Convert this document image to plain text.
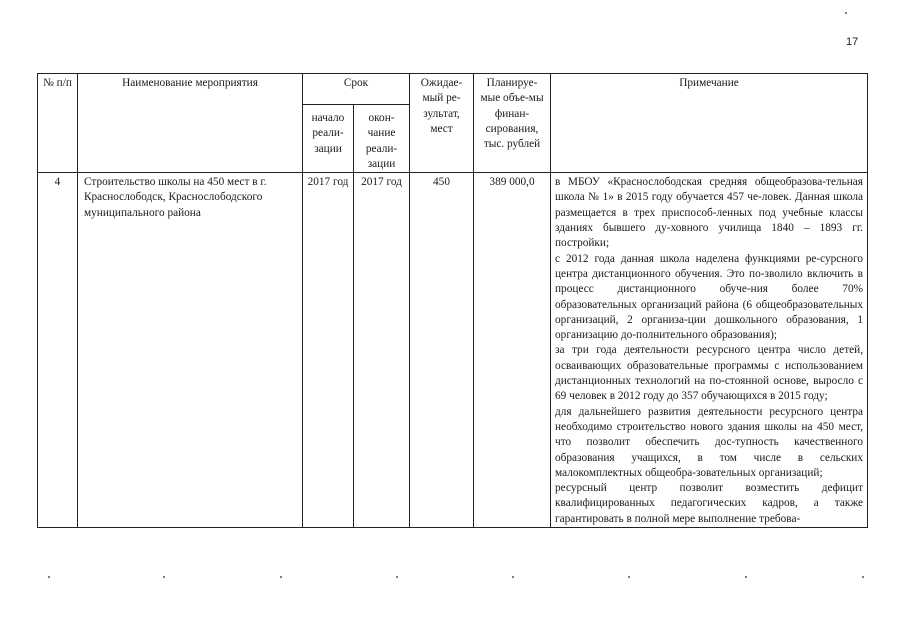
17
№ п/п	Наименование мероприятия	Срок		Ожидае-мый ре-зультат, мест	Планируе-мые объе-мы финан-сирования, тыс. рублей	Примечание
		начало реали-зации	окон-чание реали-зации			
4	Строительство школы на 450 мест в г. Краснослободск, Краснослободского муниципального района	2017 год	2017 год	450	389 000,0	в МБОУ «Краснослободская средняя общеобразова-тельная школа № 1» в 2015 году обучается 457 че-ловек. Данная школа размещается в трех приспособ-ленных под учебные классы зданиях бывшего ду-ховного училища 1840 – 1893 гг. постройки;
с 2012 года данная школа наделена функциями ре-сурсного центра дистанционного обучения. Это по-зволило включить в процесс дистанционного обуче-ния более 70% образовательных организаций района (6 общеобразовательных организаций, 2 организа-ции дошкольного образования, 1 организацию до-полнительного образования);
за три года деятельности ресурсного центра число детей, осваивающих образовательные программы с использованием дистанционных технологий на по-стоянной основе, выросло с 69 человек в 2012 году до 357 обучающихся в 2015 году;
для дальнейшего развития деятельности ресурсного центра необходимо строительство нового здания школы на 450 мест, что позволит обеспечить дос-тупность качественного образования учащихся, в том числе в сельских малокомплектных общеобра-зовательных организаций;
ресурсный центр позволит возместить дефицит квалифицированных педагогических кадров, а также гарантировать в полной мере выполнение требова-
